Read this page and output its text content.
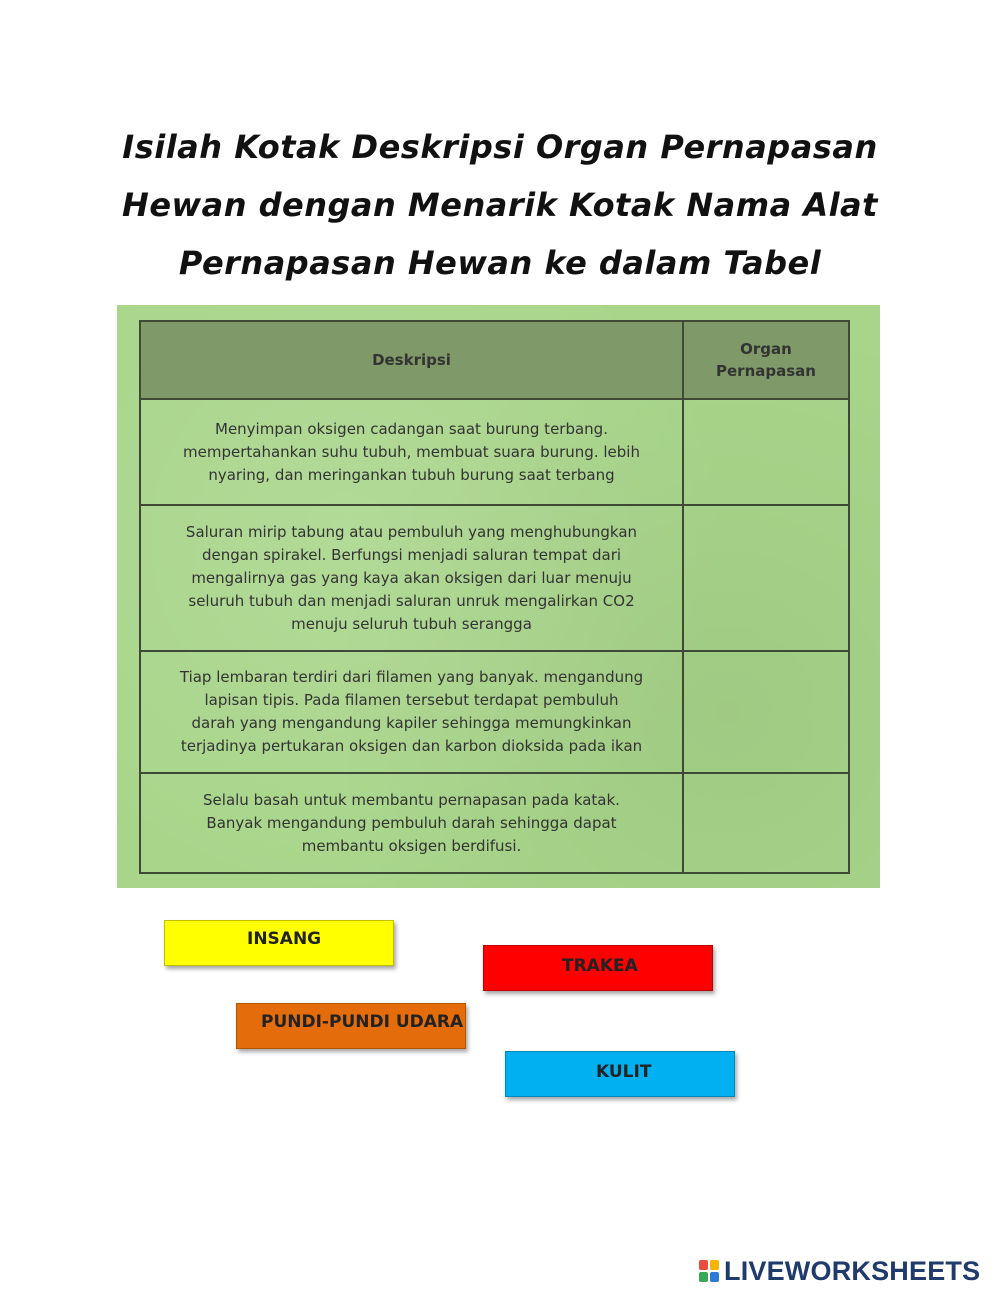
Isilah Kotak Deskripsi Organ Pernapasan
Hewan dengan Menarik Kotak Nama Alat
Pernapasan Hewan ke dalam Tabel
Deskripsi	Organ
Pernapasan

Menyimpan oksigen cadangan saat burung terbang.
mempertahankan suhu tubuh, membuat suara burung. lebih
nyaring, dan meringankan tubuh burung saat terbang	

Saluran mirip tabung atau pembuluh yang menghubungkan
dengan spirakel. Berfungsi menjadi saluran tempat dari
mengalirnya gas yang kaya akan oksigen dari luar menuju
seluruh tubuh dan menjadi saluran unruk mengalirkan CO2
menuju seluruh tubuh serangga	

Tiap lembaran terdiri dari filamen yang banyak. mengandung
lapisan tipis. Pada filamen tersebut terdapat pembuluh
darah yang mengandung kapiler sehingga memungkinkan
terjadinya pertukaran oksigen dan karbon dioksida pada ikan	

Selalu basah untuk membantu pernapasan pada katak.
Banyak mengandung pembuluh darah sehingga dapat
membantu oksigen berdifusi.	

INSANG
TRAKEA
PUNDI-PUNDI UDARA
KULIT
LIVEWORKSHEETS
